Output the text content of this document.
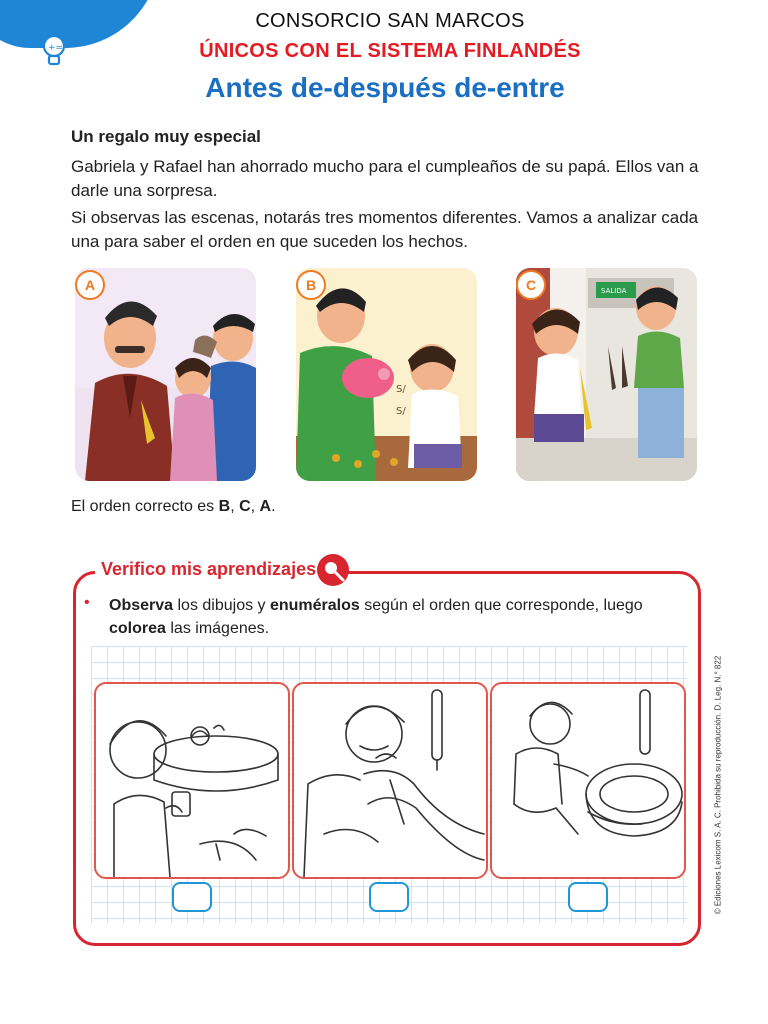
+=
CONSORCIO SAN MARCOS
ÚNICOS CON EL SISTEMA FINLANDÉS
Antes de-después de-entre
Un regalo muy especial
Gabriela y Rafael han ahorrado mucho para el cumpleaños de su papá. Ellos van a darle una sorpresa.
Si observas las escenas, notarás tres momentos diferentes. Vamos a analizar cada una para saber el orden en que suceden los hechos.
A
S/
S/
B	SALIDA
C
El orden correcto es B, C, A.
Verifico mis aprendizajes
•	Observa los dibujos y enuméralos según el orden que corresponde, luego colorea las imágenes.
© Ediciones Lexicom S. A. C. Prohibida su reproducción. D. Leg. N.° 822
